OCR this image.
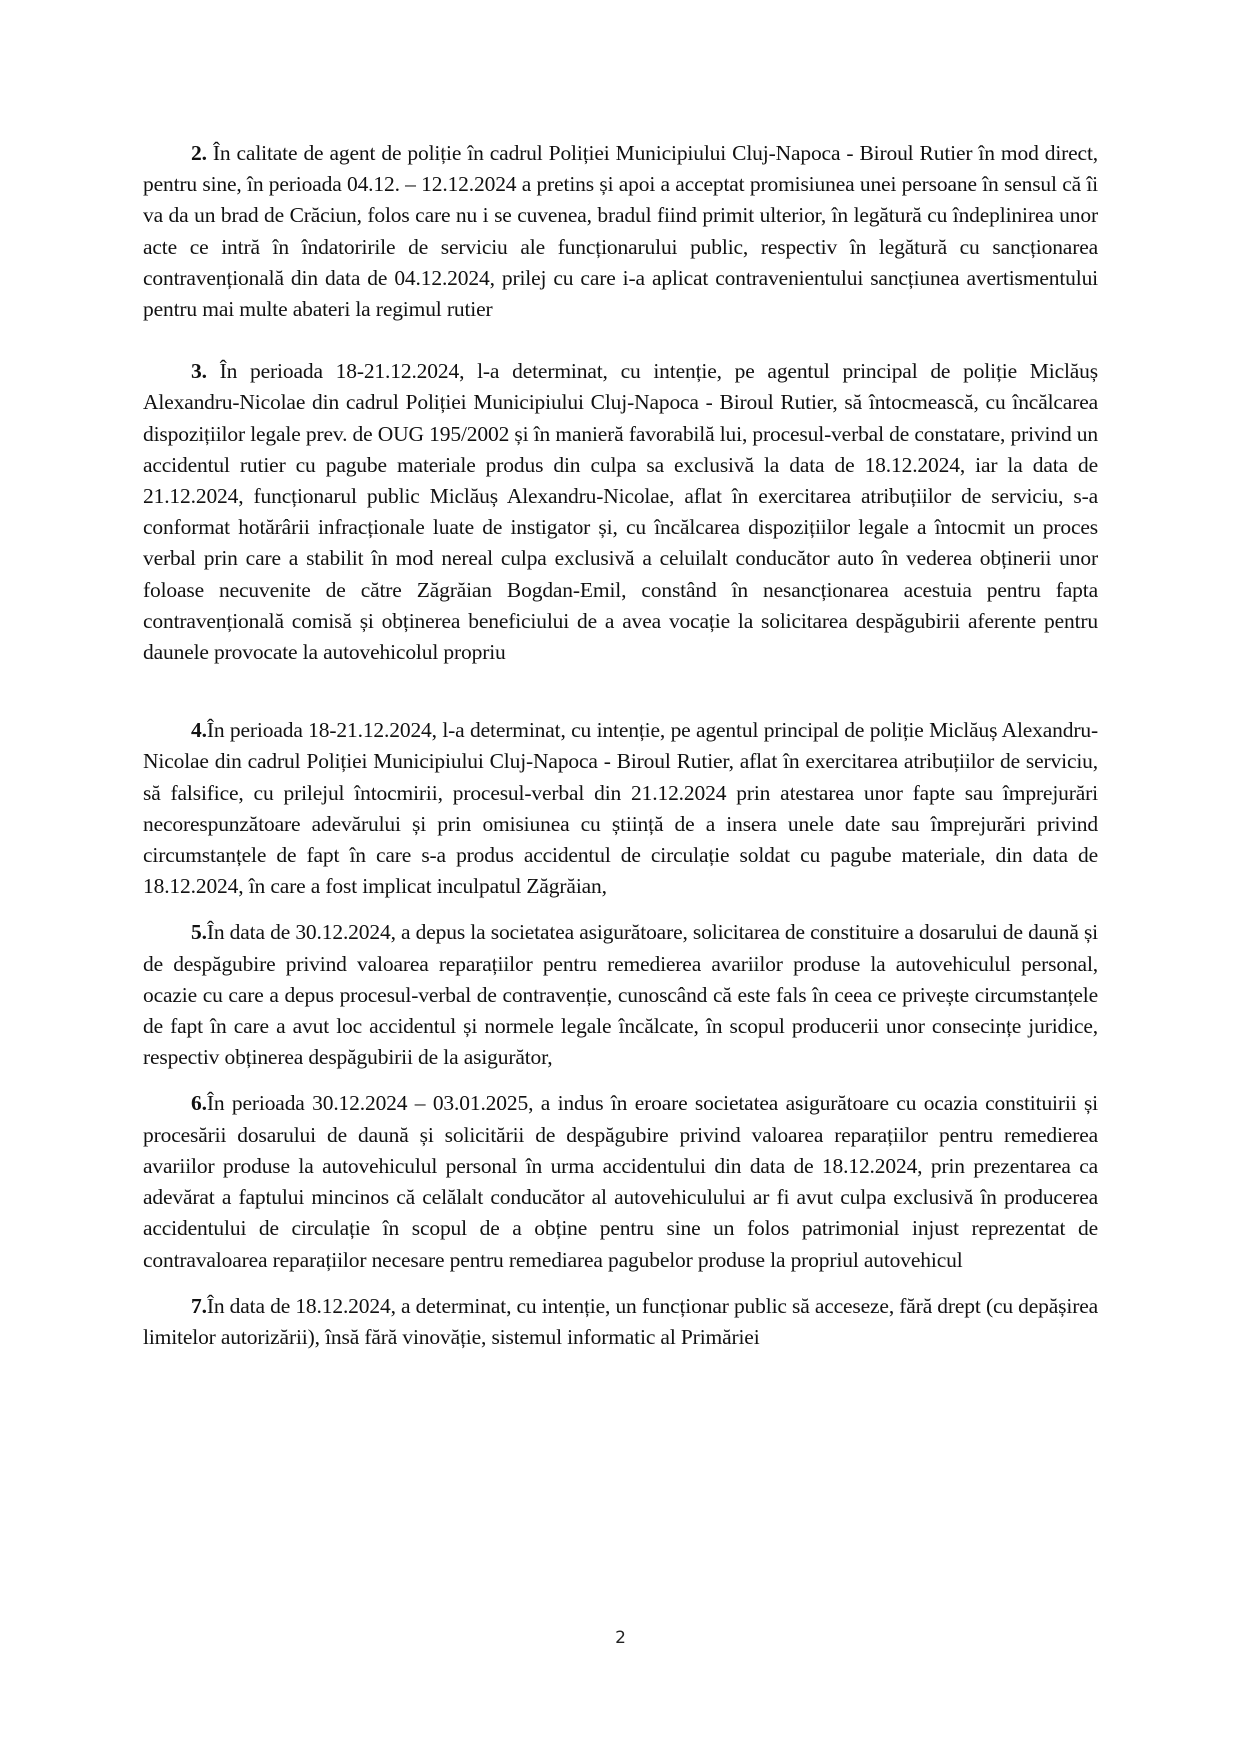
2. În calitate de agent de poliție în cadrul Poliției Municipiului Cluj-Napoca - Biroul Rutier în mod direct, pentru sine, în perioada 04.12. – 12.12.2024 a pretins și apoi a acceptat promisiunea unei persoane în sensul că îi va da un brad de Crăciun, folos care nu i se cuvenea, bradul fiind primit ulterior, în legătură cu îndeplinirea unor acte ce intră în îndatoririle de serviciu ale funcționarului public, respectiv în legătură cu sancționarea contravențională din data de 04.12.2024, prilej cu care i-a aplicat contravenientului sancțiunea avertismentului pentru mai multe abateri la regimul rutier

3. În perioada 18-21.12.2024, l-a determinat, cu intenție, pe agentul principal de poliție Miclăuș Alexandru-Nicolae din cadrul Poliției Municipiului Cluj-Napoca - Biroul Rutier, să întocmească, cu încălcarea dispozițiilor legale prev. de OUG 195/2002 și în manieră favorabilă lui, procesul-verbal de constatare, privind un accidentul rutier cu pagube materiale produs din culpa sa exclusivă la data de 18.12.2024, iar la data de 21.12.2024, funcționarul public Miclăuș Alexandru-Nicolae, aflat în exercitarea atribuțiilor de serviciu, s-a conformat hotărârii infracționale luate de instigator și, cu încălcarea dispozițiilor legale a întocmit un proces verbal prin care a stabilit în mod nereal culpa exclusivă a celuilalt conducător auto în vederea obținerii unor foloase necuvenite de către Zăgrăian Bogdan-Emil, constând în nesancționarea acestuia pentru fapta contravențională comisă și obținerea beneficiului de a avea vocație la solicitarea despăgubirii aferente pentru daunele provocate la autovehicolul propriu

4.În perioada 18-21.12.2024, l-a determinat, cu intenție, pe agentul principal de poliție Miclăuș Alexandru-Nicolae din cadrul Poliției Municipiului Cluj-Napoca - Biroul Rutier, aflat în exercitarea atribuțiilor de serviciu, să falsifice, cu prilejul întocmirii, procesul-verbal din 21.12.2024 prin atestarea unor fapte sau împrejurări necorespunzătoare adevărului și prin omisiunea cu știință de a insera unele date sau împrejurări privind circumstanțele de fapt în care s-a produs accidentul de circulație soldat cu pagube materiale, din data de 18.12.2024, în care a fost implicat inculpatul Zăgrăian,

5.În data de 30.12.2024, a depus la societatea asigurătoare, solicitarea de constituire a dosarului de daună și de despăgubire privind valoarea reparațiilor pentru remedierea avariilor produse la autovehiculul personal, ocazie cu care a depus procesul-verbal de contravenție, cunoscând că este fals în ceea ce privește circumstanțele de fapt în care a avut loc accidentul și normele legale încălcate, în scopul producerii unor consecințe juridice, respectiv obținerea despăgubirii de la asigurător,

6.În perioada 30.12.2024 – 03.01.2025, a indus în eroare societatea asigurătoare cu ocazia constituirii și procesării dosarului de daună și solicitării de despăgubire privind valoarea reparațiilor pentru remedierea avariilor produse la autovehiculul personal în urma accidentului din data de 18.12.2024, prin prezentarea ca adevărat a faptului mincinos că celălalt conducător al autovehiculului ar fi avut culpa exclusivă în producerea accidentului de circulație în scopul de a obține pentru sine un folos patrimonial injust reprezentat de contravaloarea reparațiilor necesare pentru remediarea pagubelor produse la propriul autovehicul

7.În data de 18.12.2024, a determinat, cu intenție, un funcționar public să acceseze, fără drept (cu depășirea limitelor autorizării), însă fără vinovăție, sistemul informatic al Primăriei

2
